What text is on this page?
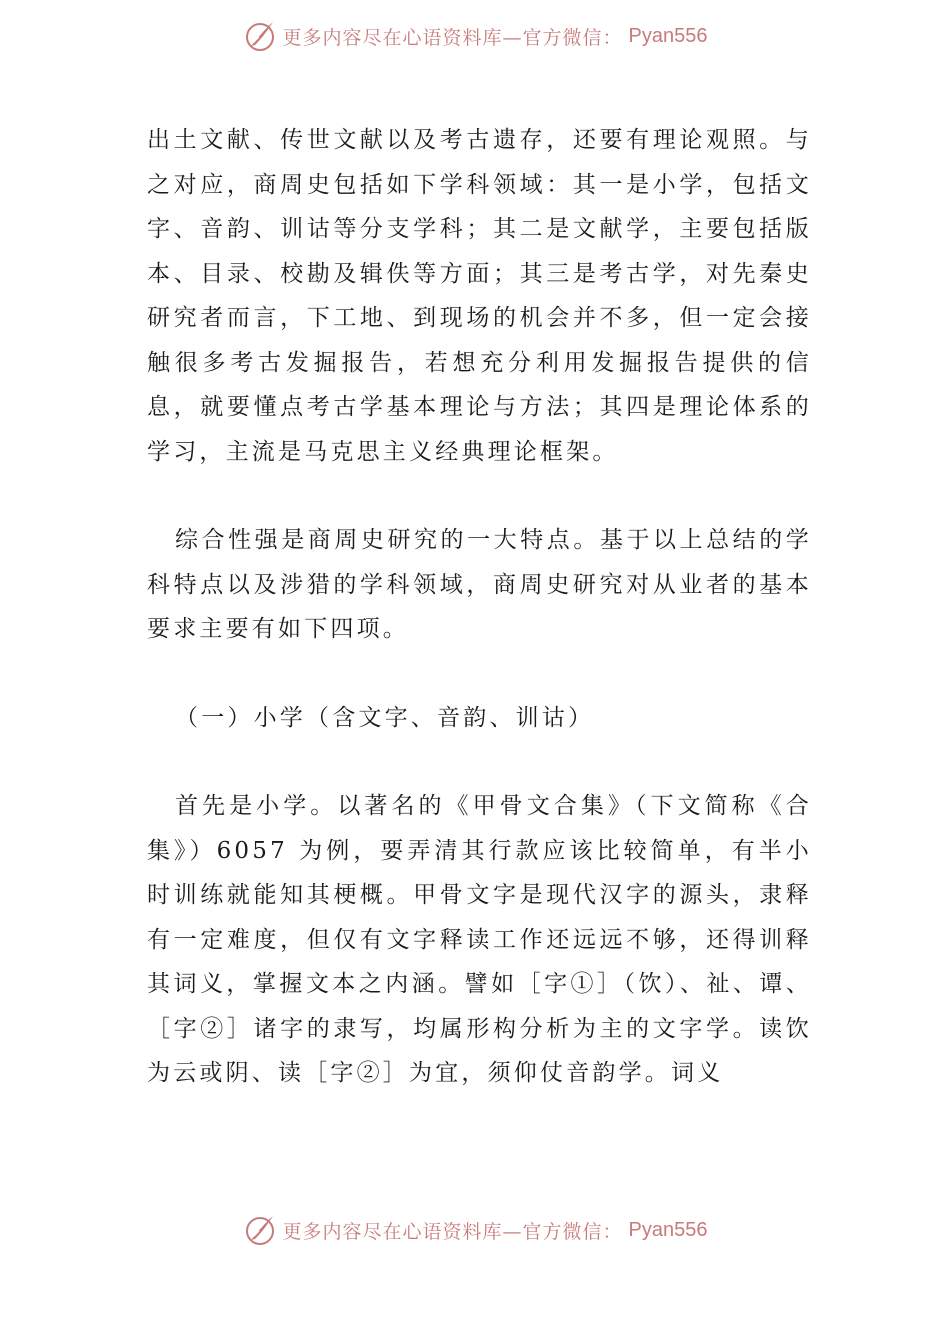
更多内容尽在心语资料库—官方微信： Pyan556

出土文献、传世文献以及考古遗存，还要有理论观照。与之对应，商周史包括如下学科领域：其一是小学，包括文字、音韵、训诂等分支学科；其二是文献学，主要包括版本、目录、校勘及辑佚等方面；其三是考古学，对先秦史研究者而言，下工地、到现场的机会并不多，但一定会接触很多考古发掘报告，若想充分利用发掘报告提供的信息，就要懂点考古学基本理论与方法；其四是理论体系的学习，主流是马克思主义经典理论框架。

综合性强是商周史研究的一大特点。基于以上总结的学科特点以及涉猎的学科领域，商周史研究对从业者的基本要求主要有如下四项。

（一）小学（含文字、音韵、训诂）

首先是小学。以著名的《甲骨文合集》（下文简称《合集》）6057 为例，要弄清其行款应该比较简单，有半小时训练就能知其梗概。甲骨文字是现代汉字的源头，隶释有一定难度，但仅有文字释读工作还远远不够，还得训释其词义，掌握文本之内涵。譬如［字①］（饮）、祉、谭、［字②］诸字的隶写，均属形构分析为主的文字学。读饮为云或阴、读［字②］为宜，须仰仗音韵学。词义

更多内容尽在心语资料库—官方微信： Pyan556
